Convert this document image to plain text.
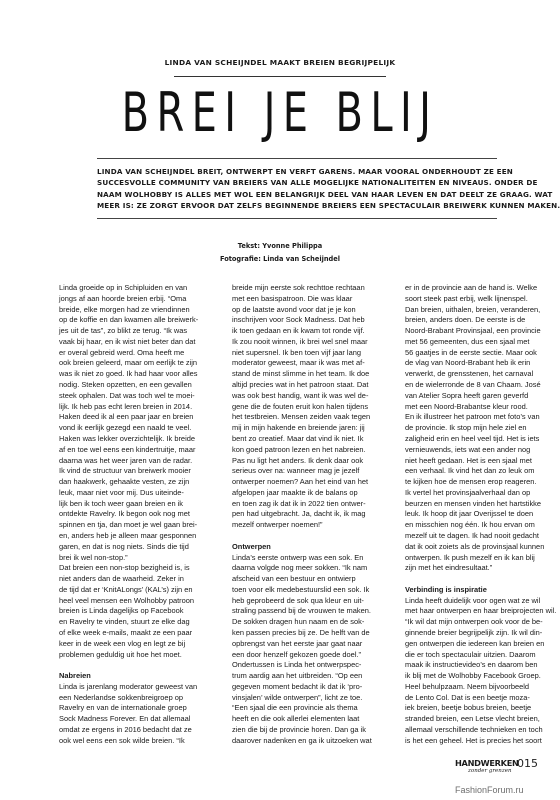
LINDA VAN SCHEIJNDEL MAAKT BREIEN BEGRIJPELIJK
BREI JE BLIJ
LINDA VAN SCHEIJNDEL BREIT, ONTWERPT EN VERFT GARENS. MAAR VOORAL ONDERHOUDT ZE EEN
SUCCESVOLLE COMMUNITY VAN BREIERS VAN ALLE MOGELIJKE NATIONALITEITEN EN NIVEAUS. ONDER DE
NAAM WOLHOBBY IS ALLES MET WOL EEN BELANGRIJK DEEL VAN HAAR LEVEN EN DAT DEELT ZE GRAAG. WAT
MEER IS: ZE ZORGT ERVOOR DAT ZELFS BEGINNENDE BREIERS EEN SPECTACULAIR BREIWERK KUNNEN MAKEN.
Tekst: Yvonne Philippa
Fotografie: Linda van Scheijndel
Linda groeide op in Schipluiden en van
jongs af aan hoorde breien erbij. “Oma
breide, elke morgen had ze vriendinnen
op de koffie en dan kwamen alle breiwerk-
jes uit de tas”, zo blikt ze terug. “Ik was
vaak bij haar, en ik wist niet beter dan dat
er overal gebreid werd. Oma heeft me
ook breien geleerd, maar om eerlijk te zijn
was ik niet zo goed. Ik had haar voor alles
nodig. Steken opzetten, en een gevallen
steek ophalen. Dat was toch wel te moei-
lijk. Ik heb pas echt leren breien in 2014.
Haken deed ik al een paar jaar en breien
vond ik eerlijk gezegd een naald te veel.
Haken was lekker overzichtelijk. Ik breide
af en toe wel eens een kindertruitje, maar
daarna was het weer jaren van de radar.
Ik vind de structuur van breiwerk mooier
dan haakwerk, gehaakte vesten, ze zijn
leuk, maar niet voor mij. Dus uiteinde-
lijk ben ik toch weer gaan breien en ik
ontdekte Ravelry. Ik begon ook nog met
spinnen en tja, dan moet je wel gaan brei-
en, anders heb je alleen maar gesponnen
garen, en dat is nog niets. Sinds die tijd
brei ik wel non-stop.”
Dat breien een non-stop bezigheid is, is
niet anders dan de waarheid. Zeker in
de tijd dat er ‘KnitALongs’ (KAL’s) zijn en
heel veel mensen een Wolhobby patroon
breien is Linda dagelijks op Facebook
en Ravelry te vinden, stuurt ze elke dag
of elke week e-mails, maakt ze een paar
keer in de week een vlog en legt ze bij
problemen geduldig uit hoe het moet.
Nabreien
Linda is jarenlang moderator geweest van
een Nederlandse sokkenbreigroep op
Ravelry en van de internationale groep
Sock Madness Forever. En dat allemaal
omdat ze ergens in 2016 bedacht dat ze
ook wel eens een sok wilde breien. “Ik
breide mijn eerste sok rechttoe rechtaan
met een basispatroon. Die was klaar
op de laatste avond voor dat je je kon
inschrijven voor Sock Madness. Dat heb
ik toen gedaan en ik kwam tot ronde vijf.
Ik zou nooit winnen, ik brei wel snel maar
niet supersnel. Ik ben toen vijf jaar lang
moderator geweest, maar ik was met af-
stand de minst slimme in het team. Ik doe
altijd precies wat in het patroon staat. Dat
was ook best handig, want ik was wel de-
gene die de fouten eruit kon halen tijdens
het testbreien. Mensen zeiden vaak tegen
mij in mijn hakende en breiende jaren: jij
bent zo creatief. Maar dat vind ik niet. Ik
kon goed patroon lezen en het nabreien.
Pas nu ligt het anders. Ik denk daar ook
serieus over na: wanneer mag je jezelf
ontwerper noemen? Aan het eind van het
afgelopen jaar maakte ik de balans op
en toen zag ik dat ik in 2022 tien ontwer-
pen had uitgebracht. Ja, dacht ik, ik mag
mezelf ontwerper noemen!”
Ontwerpen
Linda’s eerste ontwerp was een sok. En
daarna volgde nog meer sokken. “Ik nam
afscheid van een bestuur en ontwierp
toen voor elk medebestuurslid een sok. Ik
heb geprobeerd de sok qua kleur en uit-
straling passend bij de vrouwen te maken.
De sokken dragen hun naam en de sok-
ken passen precies bij ze. De helft van de
opbrengst van het eerste jaar gaat naar
een door henzelf gekozen goede doel.”
Ondertussen is Linda het ontwerpspec-
trum aardig aan het uitbreiden. “Op een
gegeven moment bedacht ik dat ik ‘pro-
vinsjalen’ wilde ontwerpen”, licht ze toe.
“Een sjaal die een provincie als thema
heeft en die ook allerlei elementen laat
zien die bij de provincie horen. Dan ga ik
daarover nadenken en ga ik uitzoeken wat
er in de provincie aan de hand is. Welke
soort steek past erbij, welk lijnenspel.
Dan breien, uithalen, breien, veranderen,
breien, anders doen. De eerste is de
Noord-Brabant Provinsjaal, een provincie
met 56 gemeenten, dus een sjaal met
56 gaatjes in de eerste sectie. Maar ook
de vlag van Noord-Brabant heb ik erin
verwerkt, de grensstenen, het carnaval
en de wielerronde de 8 van Chaam. José
van Atelier Sopra heeft garen geverfd
met een Noord-Brabantse kleur rood.
En ik illustreer het patroon met foto’s van
de provincie. Ik stop mijn hele ziel en
zaligheid erin en heel veel tijd. Het is iets
vernieuwends, iets wat een ander nog
niet heeft gedaan. Het is een sjaal met
een verhaal. Ik vind het dan zo leuk om
te kijken hoe de mensen erop reageren.
Ik vertel het provinsjaalverhaal dan op
beurzen en mensen vinden het hartstikke
leuk. Ik hoop dit jaar Overijssel te doen
en misschien nog één. Ik hou ervan om
mezelf uit te dagen. Ik had nooit gedacht
dat ik ooit zoiets als de provinsjaal kunnen
ontwerpen. Ik push mezelf en ik kan blij
zijn met het eindresultaat.”
Verbinding is inspiratie
Linda heeft duidelijk voor ogen wat ze wil
met haar ontwerpen en haar breiprojecten wil.
“Ik wil dat mijn ontwerpen ook voor de be-
ginnende breier begrijpelijk zijn. Ik wil din-
gen ontwerpen die iedereen kan breien en
die er toch spectaculair uitzien. Daarom
maak ik instructievideo’s en daarom ben
ik blij met de Wolhobby Facebook Groep.
Heel behulpzaam. Neem bijvoorbeeld
de Lento Col. Dat is een beetje moza-
iek breien, beetje bobus breien, beetje
stranded breien, een Letse vlecht breien,
allemaal verschillende technieken en toch
is het een geheel. Het is precies het soort
HANDWERKEN
zonder grenzen
015
FashionForum.ru
